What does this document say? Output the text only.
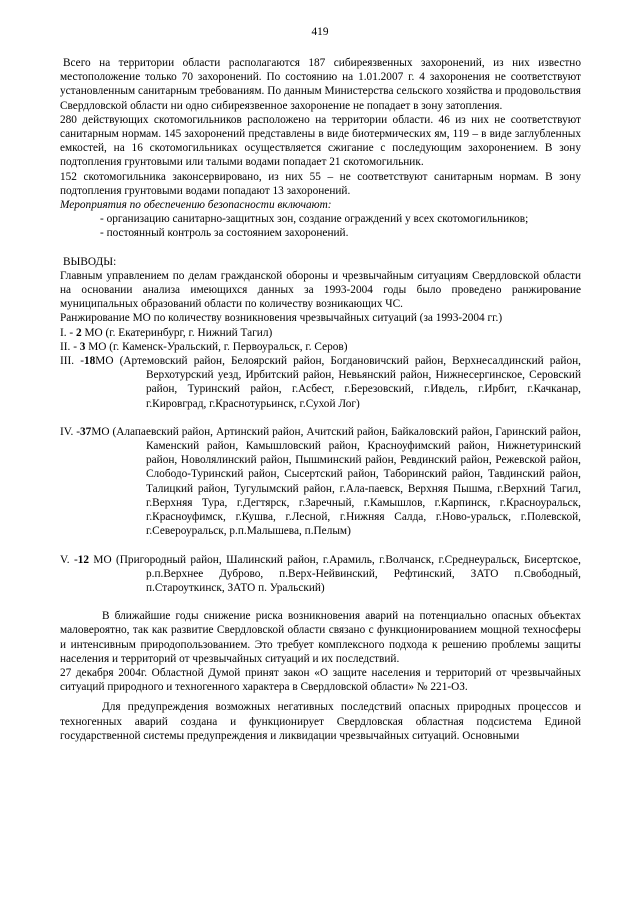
419

Всего на территории области располагаются 187 сибиреязвенных захоронений, из них известно местоположение только 70 захоронений. По состоянию на 1.01.2007 г. 4 захоронения не соответствуют установленным санитарным требованиям. По данным Министерства сельского хозяйства и продовольствия Свердловской области ни одно сибиреязвенное захоронение не попадает в зону затопления.

280 действующих скотомогильников расположено на территории области. 46 из них не соответствуют санитарным нормам. 145 захоронений представлены в виде биотермических ям, 119 – в виде заглубленных емкостей, на 16 скотомогильниках осуществляется сжигание с последующим захоронением. В зону подтопления грунтовыми или талыми водами попадает 21 скотомогильник.

152 скотомогильника законсервировано, из них 55 – не соответствуют санитарным нормам. В зону подтопления грунтовыми водами попадают 13 захоронений.

Мероприятия по обеспечению безопасности включают:

- организацию санитарно-защитных зон, создание ограждений у всех скотомогильников;

- постоянный контроль за состоянием захоронений.

ВЫВОДЫ:

Главным управлением по делам гражданской обороны и чрезвычайным ситуациям Свердловской области на основании анализа имеющихся данных за 1993-2004 годы было проведено ранжирование муниципальных образований области по количеству возникающих ЧС.

Ранжирование МО по количеству возникновения чрезвычайных ситуаций (за 1993-2004 гг.)

I. - 2 МО (г. Екатеринбург, г. Нижний Тагил)
II. - 3 МО (г. Каменск-Уральский, г. Первоуральск, г. Серов)
III. -18МО (Артемовский район, Белоярский район, Богдановичский район, Верхнесалдинский район, Верхотурский уезд, Ирбитский район, Невьянский район, Нижнесергинское, Серовский район, Туринский район, г.Асбест, г.Березовский, г.Ивдель, г.Ирбит, г.Качканар, г.Кировград, г.Краснотурьинск, г.Сухой Лог)
IV. -37МО (Алапаевский район, Артинский район, Ачитский район, Байкаловский район, Гаринский район, Каменский район, Камышловский район, Красноуфимский район, Нижнетуринский район, Новолялинский район, Пышминский район, Ревдинский район, Режевской район, Слободо-Туринский район, Сысертский район, Таборинский район, Тавдинский район, Талицкий район, Тугулымский район, г.Ала-паевск, Верхняя Пышма, г.Верхний Тагил, г.Верхняя Тура, г.Дегтярск, г.Заречный, г.Камышлов, г.Карпинск, г.Красноуральск, г.Красноуфимск, г.Кушва, г.Лесной, г.Нижняя Салда, г.Ново-уральск, г.Полевской, г.Североуральск, р.п.Малышева, п.Пелым)
V. -12 МО (Пригородный район, Шалинский район, г.Арамиль, г.Волчанск, г.Среднеуральск, Бисертское, р.п.Верхнее Дуброво, п.Верх-Нейвинский, Рефтинский, ЗАТО п.Свободный, п.Староуткинск, ЗАТО п. Уральский)

В ближайшие годы снижение риска возникновения аварий на потенциально опасных объектах маловероятно, так как развитие Свердловской области связано с функционированием мощной техносферы и интенсивным природопользованием. Это требует комплексного подхода к решению проблемы защиты населения и территорий от чрезвычайных ситуаций и их последствий.

27 декабря 2004г. Областной Думой принят закон «О защите населения и территорий от чрезвычайных ситуаций природного и техногенного характера в Свердловской области» № 221-ОЗ.

Для предупреждения возможных негативных последствий опасных природных процессов и техногенных аварий создана и функционирует Свердловская областная подсистема Единой государственной системы предупреждения и ликвидации чрезвычайных ситуаций. Основными
